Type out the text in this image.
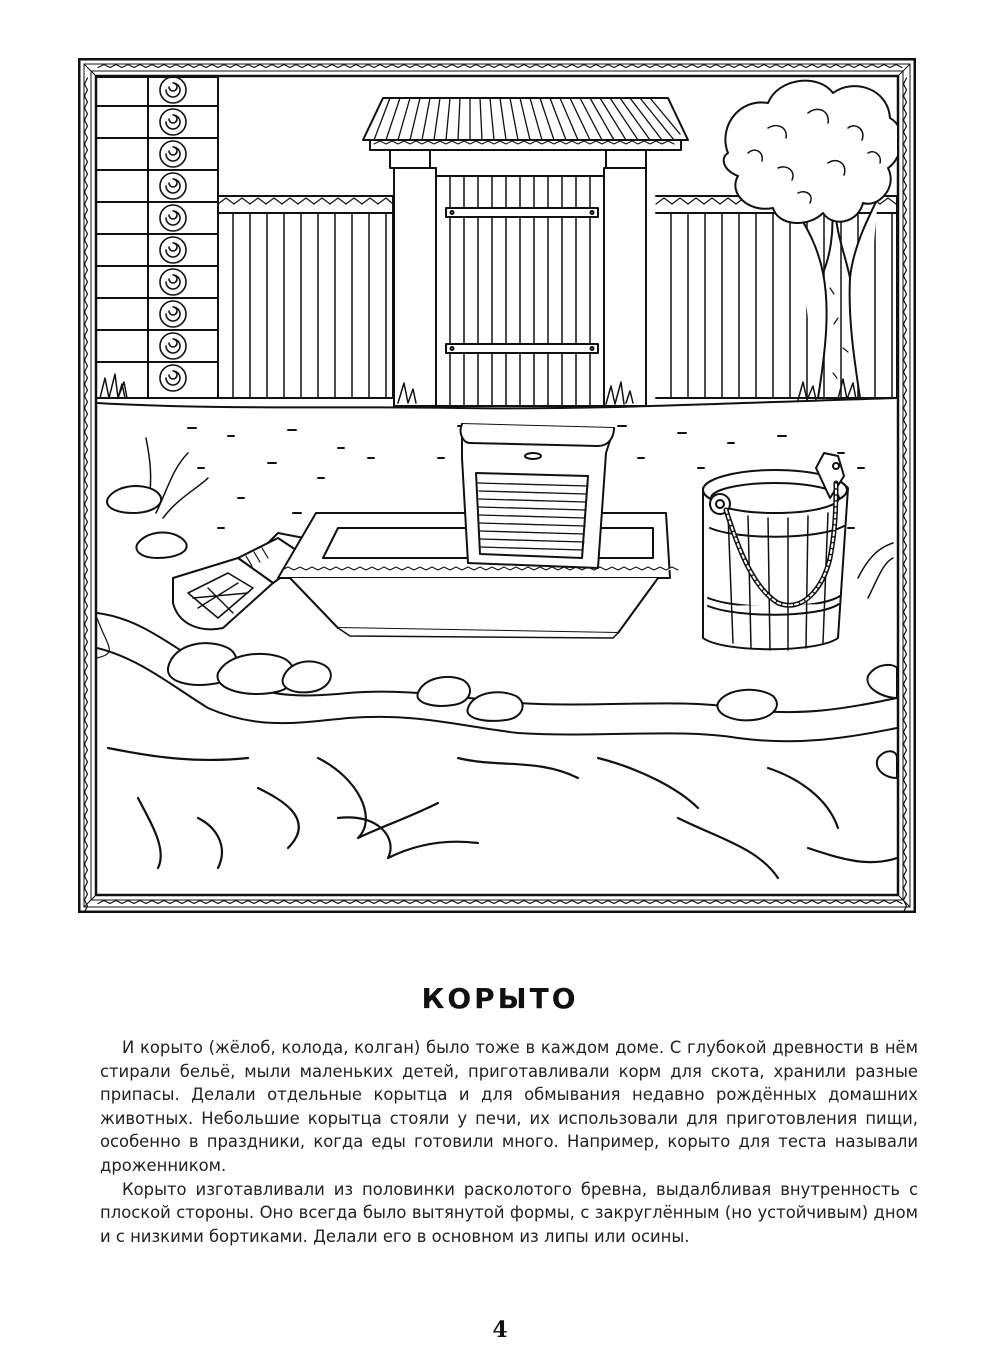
КОРЫТО

И корыто (жёлоб, колода, колган) было тоже в каждом доме. С глубокой древности в нём стирали бельё, мыли маленьких детей, приготавливали корм для скота, хранили разные припасы. Делали отдельные корытца и для обмывания недавно рождённых домашних животных. Небольшие корытца стояли у печи, их использовали для приготовления пищи, особенно в праздники, когда еды готовили много. Например, корыто для теста называли дроженником.

Корыто изготавливали из половинки расколотого бревна, выдалбливая внутренность с плоской стороны. Оно всегда было вытянутой формы, с закруглённым (но устойчивым) дном и с низкими бортиками. Делали его в основном из липы или осины.

4
